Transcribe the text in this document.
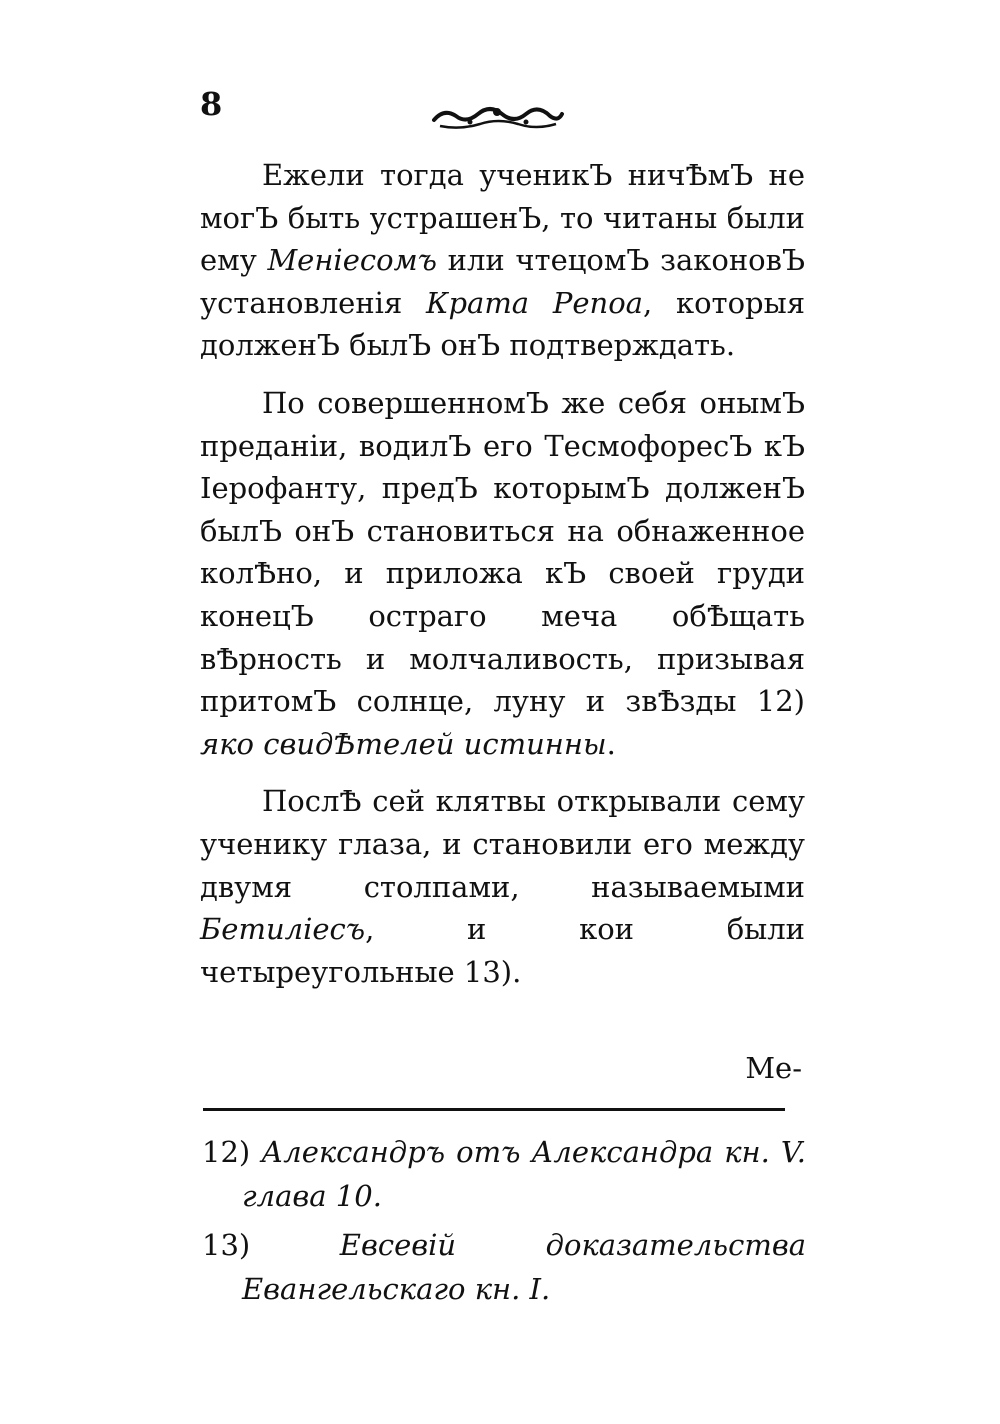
8

Ежели тогда ученикЪ ничѢмЪ не могЪ быть устрашенЪ, то читаны были ему Менiесомъ или чтецомЪ законовЪ установленiя Крата Репоа, которыя долженЪ былЪ онЪ подтверждать.

По совершенномЪ же себя онымЪ преданiи, водилЪ его ТесмофоресЪ кЪ Iерофанту, предЪ которымЪ долженЪ былЪ онЪ становиться на обнаженное колѢно, и приложа кЪ своей груди конецЪ остраго меча обѢщать вѢрность и молчаливость, призывая притомЪ солнце, луну и звѢзды 12) яко свидѢтелей истинны.

ПослѢ сей клятвы открывали сему ученику глаза, и становили его между двумя столпами, называемыми Бетилiесъ, и кои были четыреугольные 13).

Ме-

12) Александръ отъ Александра кн. V. глава 10.

13)	Евсевiй доказательства Евангельскаго кн. I.
